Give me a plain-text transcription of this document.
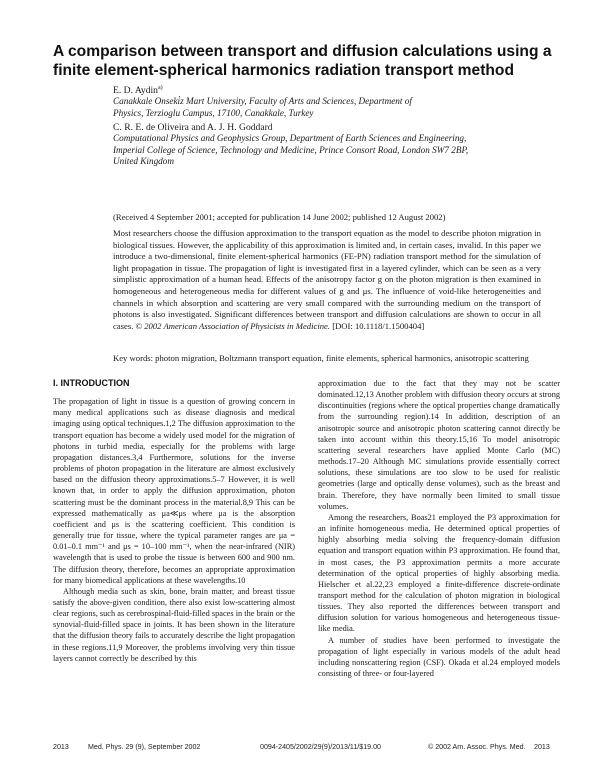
A comparison between transport and diffusion calculations using a finite element-spherical harmonics radiation transport method
E. D. Aydin$^{a)}$
Canakkale Onseki̇z Mart University, Faculty of Arts and Sciences, Department of Physics, Terzioglu Campus, 17100, Canakkale, Turkey
C. R. E. de Oliveira and A. J. H. Goddard
Computational Physics and Geophysics Group, Department of Earth Sciences and Engineering, Imperial College of Science, Technology and Medicine, Prince Consort Road, London SW7 2BP, United Kingdom
(Received 4 September 2001; accepted for publication 14 June 2002; published 12 August 2002)
Most researchers choose the diffusion approximation to the transport equation as the model to describe photon migration in biological tissues. However, the applicability of this approximation is limited and, in certain cases, invalid. In this paper we introduce a two-dimensional, finite element-spherical harmonics (FE-PN) radiation transport method for the simulation of light propagation in tissue. The propagation of light is investigated first in a layered cylinder, which can be seen as a very simplistic approximation of a human head. Effects of the anisotropy factor g on the photon migration is then examined in homogeneous and heterogeneous media for different values of g and μs. The influence of void-like heterogeneities and channels in which absorption and scattering are very small compared with the surrounding medium on the transport of photons is also investigated. Significant differences between transport and diffusion calculations are shown to occur in all cases. © 2002 American Association of Physicists in Medicine. [DOI: 10.1118/1.1500404]
Key words: photon migration, Boltzmann transport equation, finite elements, spherical harmonics, anisotropic scattering
I. INTRODUCTION

The propagation of light in tissue is a question of growing concern in many medical applications such as disease diagnosis and medical imaging using optical techniques.1,2 The diffusion approximation to the transport equation has become a widely used model for the migration of photons in turbid media, especially for the problems with large propagation distances.3,4 Furthermore, solutions for the inverse problems of photon propagation in the literature are almost exclusively based on the diffusion theory approximations.5–7 However, it is well known that, in order to apply the diffusion approximation, photon scattering must be the dominant process in the material.8,9 This can be expressed mathematically as μa≪μs where μa is the absorption coefficient and μs is the scattering coefficient. This condition is generally true for tissue, where the typical parameter ranges are μa = 0.01–0.1 mm⁻¹ and μs = 10–100 mm⁻¹, when the near-infrared (NIR) wavelength that is used to probe the tissue is between 600 and 900 nm. The diffusion theory, therefore, becomes an appropriate approximation for many biomedical applications at these wavelengths.10

Although media such as skin, bone, brain matter, and breast tissue satisfy the above-given condition, there also exist low-scattering almost clear regions, such as cerebrospinal-fluid-filled spaces in the brain or the synovial-fluid-filled space in joints. It has been shown in the literature that the diffusion theory fails to accurately describe the light propagation in these regions.11,9 Moreover, the problems involving very thin tissue layers cannot correctly be described by this

approximation due to the fact that they may not be scatter dominated.12,13 Another problem with diffusion theory occurs at strong discontinuities (regions where the optical properties change dramatically from the surrounding region).14 In addition, description of an anisotropic source and anisotropic photon scattering cannot directly be taken into account within this theory.15,16 To model anisotropic scattering several researchers have applied Monte Carlo (MC) methods.17–20 Although MC simulations provide essentially correct solutions, these simulations are too slow to be used for realistic geometries (large and optically dense volumes), such as the breast and brain. Therefore, they have normally been limited to small tissue volumes.

Among the researchers, Boas21 employed the P3 approximation for an infinite homogeneous media. He determined optical properties of highly absorbing media solving the frequency-domain diffusion equation and transport equation within P3 approximation. He found that, in most cases, the P3 approximation permits a more accurate determination of the optical properties of highly absorbing media. Hielscher et al.22,23 employed a finite-difference discrete-ordinate transport method for the calculation of photon migration in biological tissues. They also reported the differences between transport and diffusion solution for various homogeneous and heterogeneous tissue-like media.

A number of studies have been performed to investigate the propagation of light especially in various models of the adult head including nonscattering region (CSF). Okada et al.24 employed models consisting of three- or four-layered

2013	Med. Phys. 29 (9), September 2002	0094-2405/2002/29(9)/2013/11/$19.00	© 2002 Am. Assoc. Phys. Med. 2013
